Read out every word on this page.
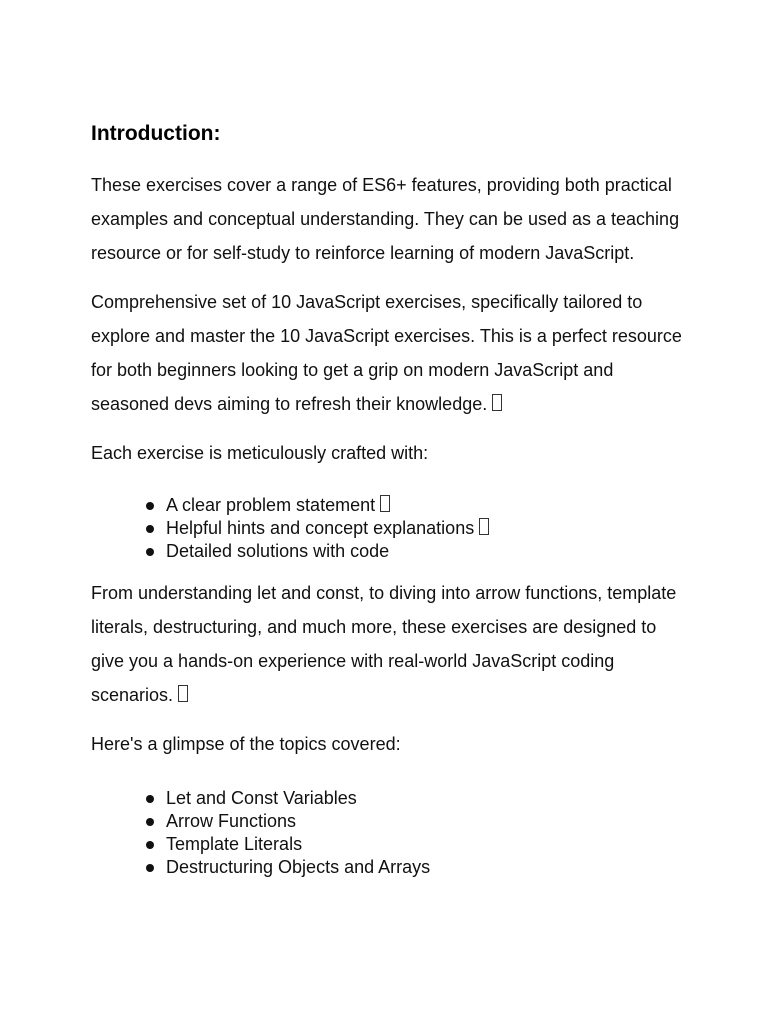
Introduction:

These exercises cover a range of ES6+ features, providing both practical examples and conceptual understanding. They can be used as a teaching resource or for self-study to reinforce learning of modern JavaScript.

Comprehensive set of 10 JavaScript exercises, specifically tailored to explore and master the 10 JavaScript exercises. This is a perfect resource for both beginners looking to get a grip on modern JavaScript and seasoned devs aiming to refresh their knowledge.

Each exercise is meticulously crafted with:

A clear problem statement
Helpful hints and concept explanations
Detailed solutions with code

From understanding let and const, to diving into arrow functions, template literals, destructuring, and much more, these exercises are designed to give you a hands-on experience with real-world JavaScript coding scenarios.

Here's a glimpse of the topics covered:

Let and Const Variables
Arrow Functions
Template Literals
Destructuring Objects and Arrays
